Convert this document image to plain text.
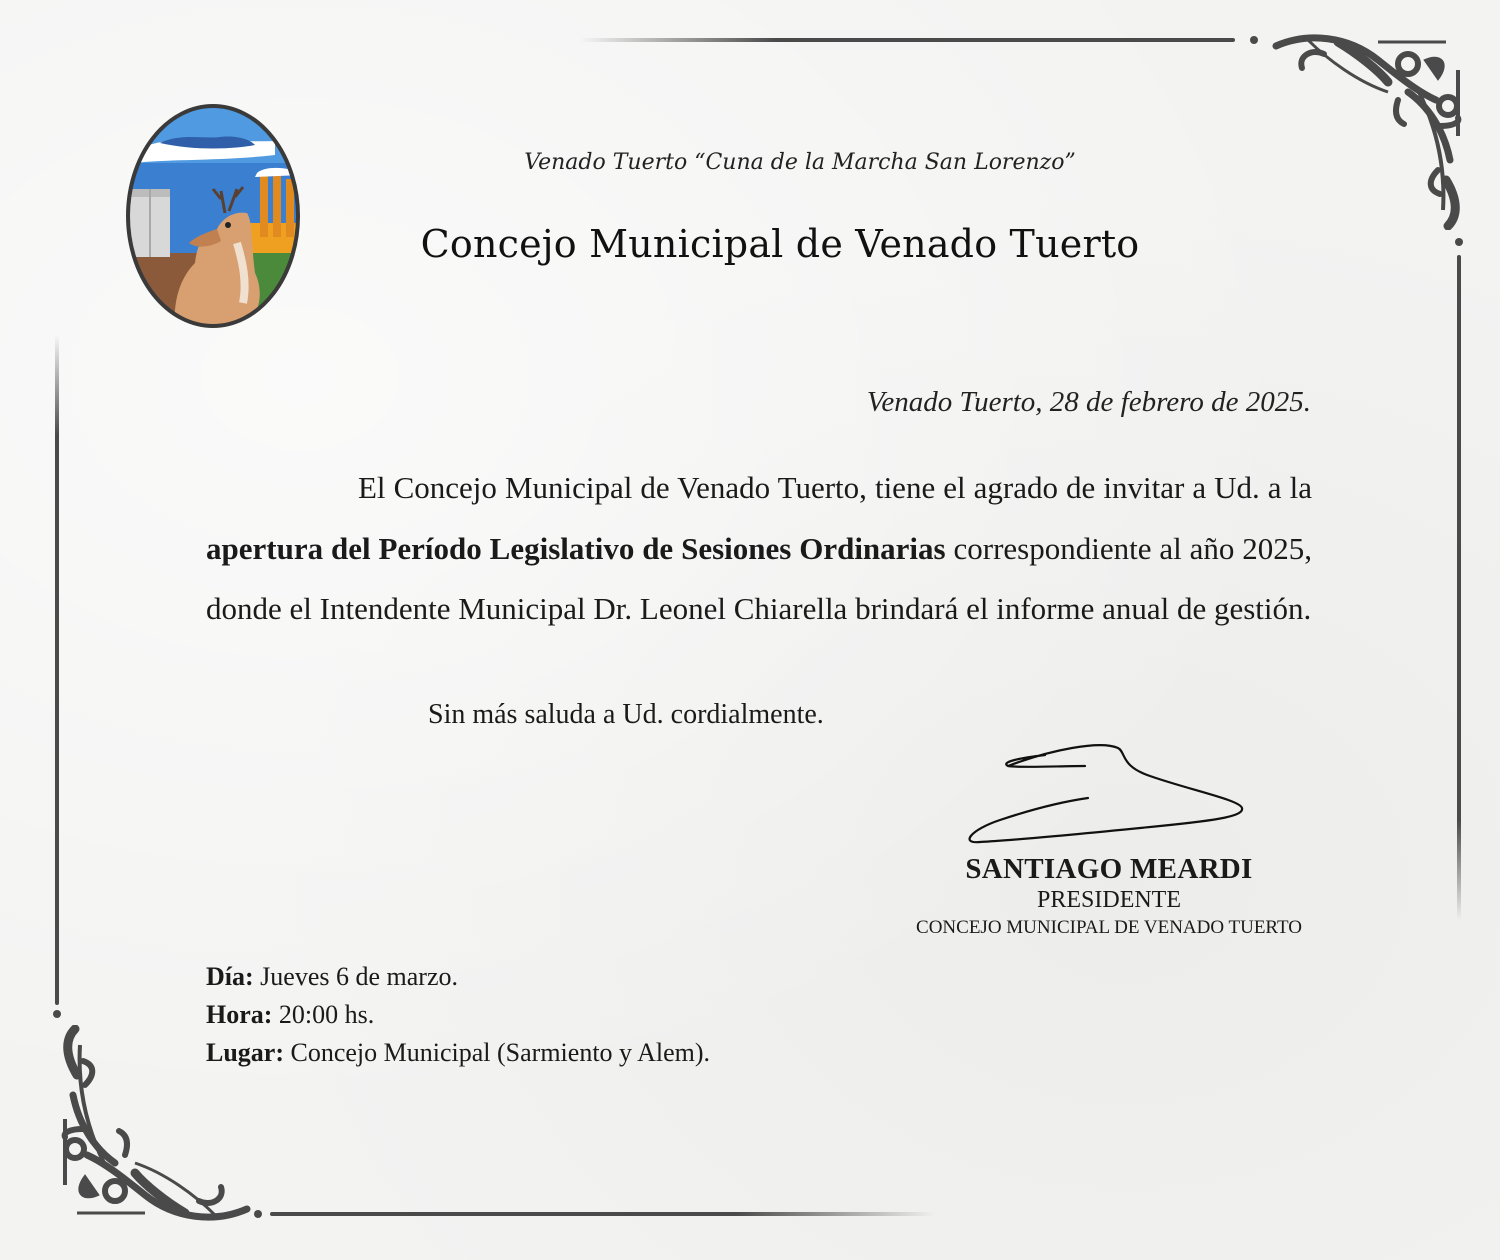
Venado Tuerto “Cuna de la Marcha San Lorenzo”
Concejo Municipal de Venado Tuerto
Venado Tuerto, 28 de febrero de 2025.
El Concejo Municipal de Venado Tuerto, tiene el agrado de invitar a Ud. a la apertura del Período Legislativo de Sesiones Ordinarias correspondiente al año 2025, donde el Intendente Municipal Dr. Leonel Chiarella brindará el informe anual de gestión.
Sin más saluda a Ud. cordialmente.
SANTIAGO MEARDI
PRESIDENTE
CONCEJO MUNICIPAL DE VENADO TUERTO
Día: Jueves 6 de marzo.
Hora: 20:00 hs.
Lugar: Concejo Municipal (Sarmiento y Alem).
